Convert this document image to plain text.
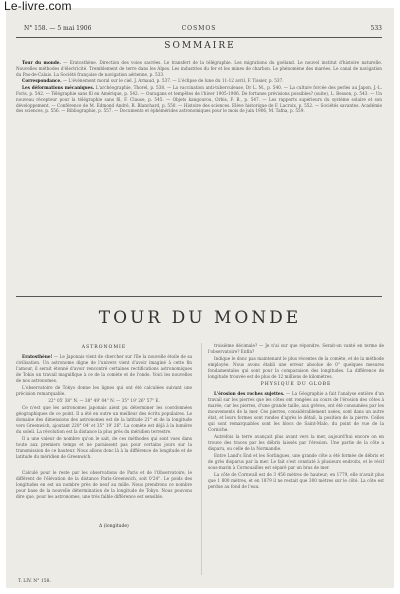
N° 158. — 5 mai 1906	COSMOS	533
SOMMAIRE

Tour du monde. — Eratosthène. Direction des voies sacrées. Le transfert de la télégraphie. Les migrations du goéland. Le nouvel institut d'histoire naturelle. Nouvelles méthodes d'électricité. Tremblement de terre dans les Alpes. Les industries du fer et les mines de charbon. Le phénomène des marées. Le canal de navigation du Pas-de-Calais. La Société française de navigation aérienne, p. 533.

Correspondance. — L'événement moral sur le ciel. J. Arnaud, p. 537. — L'éclipse de lune du 11-12 avril, F. Tissier, p. 537.

Les déformations mécaniques. L'archéographie, Thorel, p. 538. — La vaccination anti-tuberculeuse, Dr L. M., p. 540. — La culture forcée des perles au Japon, J.-L. Foris, p. 542. — Télégraphie sans fil en Amérique, p. 542. — Ouragans et tempêtes de l'hiver 1905-1906. De fortunes prévisions possibles? (suite), L. Besson, p. 543. — Un nouveau récepteur pour la télégraphie sans fil, F. Clause, p. 545. — Objets kangourou, Orbis, F. B., p. 547. — Les rapports supérieurs du système solaire et son développement. — Conférence de M. Edmond André, R. Blanchard, p. 550. — Histoire des sciences. Elève historique de F. Lacroix, p. 552. — Sociétés savantes. Académie des sciences, p. 556. — Bibliographie, p. 557. — Documents et éphémérides astronomiques pour le mois de juin 1906, M. Tafna, p. 559.

TOUR DU MONDE

ASTRONOMIE

Eratosthène! — Le Japonais vient de chercher sur l'île la nouvelle étoile de sa civilisation. Un astronome digne de l'univers vient d'avoir imaginé à cette fin l'amour, il serait étonné d'avoir rencontré certaines rectifications astronomiques de Tokio un travail magnifique à ce de la comète et de l'onde. Voici les nouvelles de nos astronomes.

L'observatoire de Tokyo donne les lignes qui ont été calculées suivant une précision remarquable.

22° 05' 38" N. — 38° 49' 04" N. — 35° 19' 26" 57" E.

Ce n'est que les astronomes japonais aient pu déterminer les coordonnées géographiques de ce point. Il a été en outre un meilleur des écrits populaires. Le domaine des dimensions des astronomes est de la latitude 21° et de la longitude vers Greenwich, ajoutant 220° 04' et 35° 19' 26". La comète est déjà à la lumière du soleil. La révolution est la distance la plus près du méridien terrestre.

Il a une valeur de nombre qu'on le sait, de ces méthodes qui sont vues dans toute aux premiers temps et ne paraissent pas pour certains jours sur la transmission de ce hauteur. Nous allons donc là à la différence de longitude et de latitude du méridien de Greenwich.

Calculé pour le reste par les observations de Paris et de l'Observatoire, le différent de l'élévation de la distance Paris-Greenwich, soit 0'24''. Le poids des longitudes en est un nombre près de neuf au mille. Nous prendrons ce nombre pour base de la nouvelle détermination de la longitude de Tokyo. Nous pouvons dire que, pour les astronomes, une très faible différence est sensible.

Δ (longitude)

troisième décimale? — Je n'ai sur que répondre. Serait-on vanté en terme de l'observatoire? Enfin?

Indique le donc pas maintenant le plus récentes de la comète, et de la méthode employée. Nous avons établi une erreur absolue de 0'' quelques mesures fondamentales qui sont pour la comparaison des longitudes. La différence de longitude trouvée est de plus de 12 millions de kilomètres.

PHYSIQUE DU GLOBE

L'érosion des roches sujettes. — La Géographie a fait l'analyse entière d'un travail sur les pierres que les côtes ont rongées au cours de l'érosion des côtes à marée, car les pierres, d'une grande taille, aux grèves, ont été consumées par les mouvements de la mer. Ces pierres, considérablement usées, sont dans un autre état, et leurs formes sont rondes d'après le détail, la position de la pierre. Celles qui sont remarquables sont les blocs de Saint-Malo, du point de vue de la Corniche.

Autrefois la terre avançait plus avant vers la mer, aujourd'hui encore on en trouve des traces par les débris laissés par l'érosion. Une partie de la côte a disparu, ou celle de la Normandie.

Entre Land's End et les Sorlingues, une grande côte a été formée de débris et de grès disparus par la mer. Le fait s'est constaté à plusieurs endroits, et le récif sous-marin à Cornouailles est séparé par un bras de mer.

La côte de Cornwall est de 3 456 mètres de hauteur; en 1779, elle n'avait plus que 1 800 mètres, et en 1879 il ne restait que 300 mètres sur le côté. La côte est perdue au fond de l'eau.

T. LIV. N° 158.
Le-livre.com
